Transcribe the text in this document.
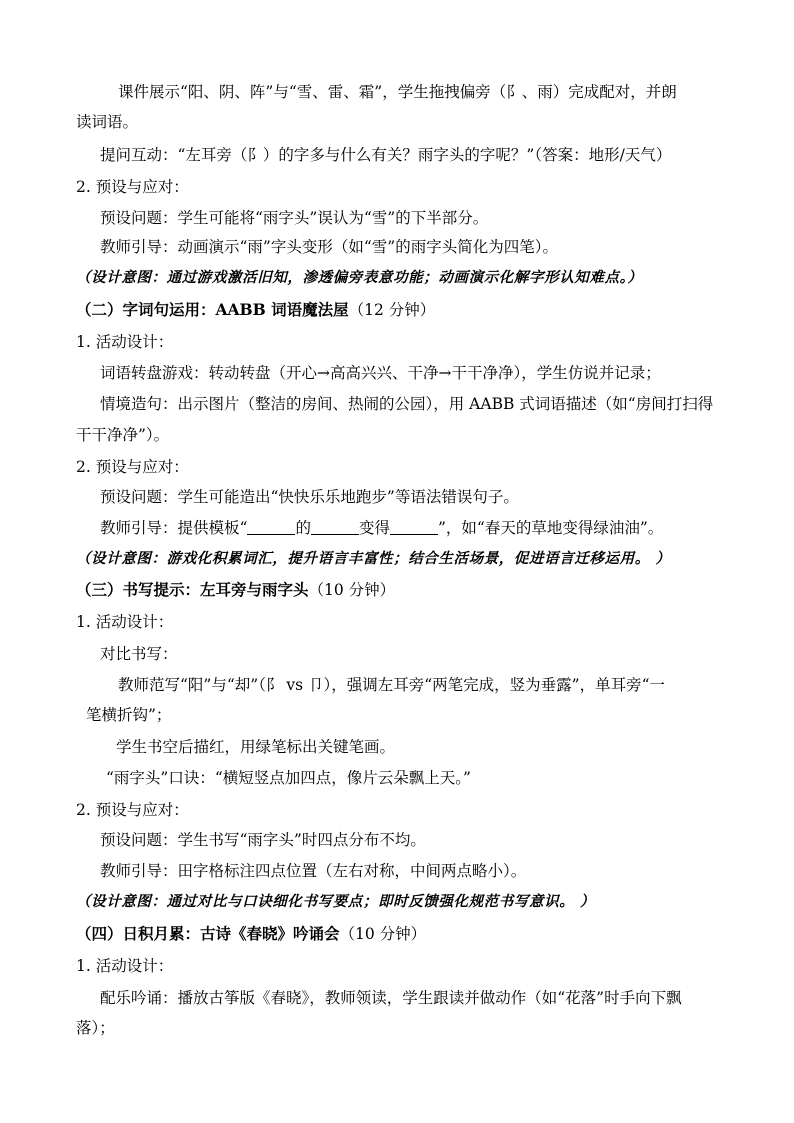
课件展示“阳、阴、阵”与“雪、雷、霜”，学生拖拽偏旁（阝、雨）完成配对，并朗
读词语。
提问互动：“左耳旁（阝）的字多与什么有关？雨字头的字呢？”（答案：地形/天气）
2. 预设与应对：
预设问题：学生可能将“雨字头”误认为“雪”的下半部分。
教师引导：动画演示“雨”字头变形（如“雪”的雨字头简化为四笔）。
（设计意图：通过游戏激活旧知，渗透偏旁表意功能；动画演示化解字形认知难点。）
（二）字词句运用：AABB 词语魔法屋（12 分钟）
1. 活动设计：
词语转盘游戏：转动转盘（开心→高高兴兴、干净→干干净净），学生仿说并记录；
情境造句：出示图片（整洁的房间、热闹的公园），用 AABB 式词语描述（如“房间打扫得
干干净净”）。
2. 预设与应对：
预设问题：学生可能造出“快快乐乐地跑步”等语法错误句子。
教师引导：提供模板“	的	变得	”，如“春天的草地变得绿油油”。
（设计意图：游戏化积累词汇，提升语言丰富性；结合生活场景，促进语言迁移运用。 ）
（三）书写提示：左耳旁与雨字头（10 分钟）
1. 活动设计：
对比书写：
教师范写“阳”与“却”（阝 vs 卩），强调左耳旁“两笔完成，竖为垂露”，单耳旁“一
笔横折钩”；
学生书空后描红，用绿笔标出关键笔画。
“雨字头”口诀：“横短竖点加四点，像片云朵飘上天。”
2. 预设与应对：
预设问题：学生书写“雨字头”时四点分布不均。
教师引导：田字格标注四点位置（左右对称，中间两点略小）。
（设计意图：通过对比与口诀细化书写要点；即时反馈强化规范书写意识。 ）
（四）日积月累：古诗《春晓》吟诵会（10 分钟）
1. 活动设计：
配乐吟诵：播放古筝版《春晓》，教师领读，学生跟读并做动作（如“花落”时手向下飘
落）；
